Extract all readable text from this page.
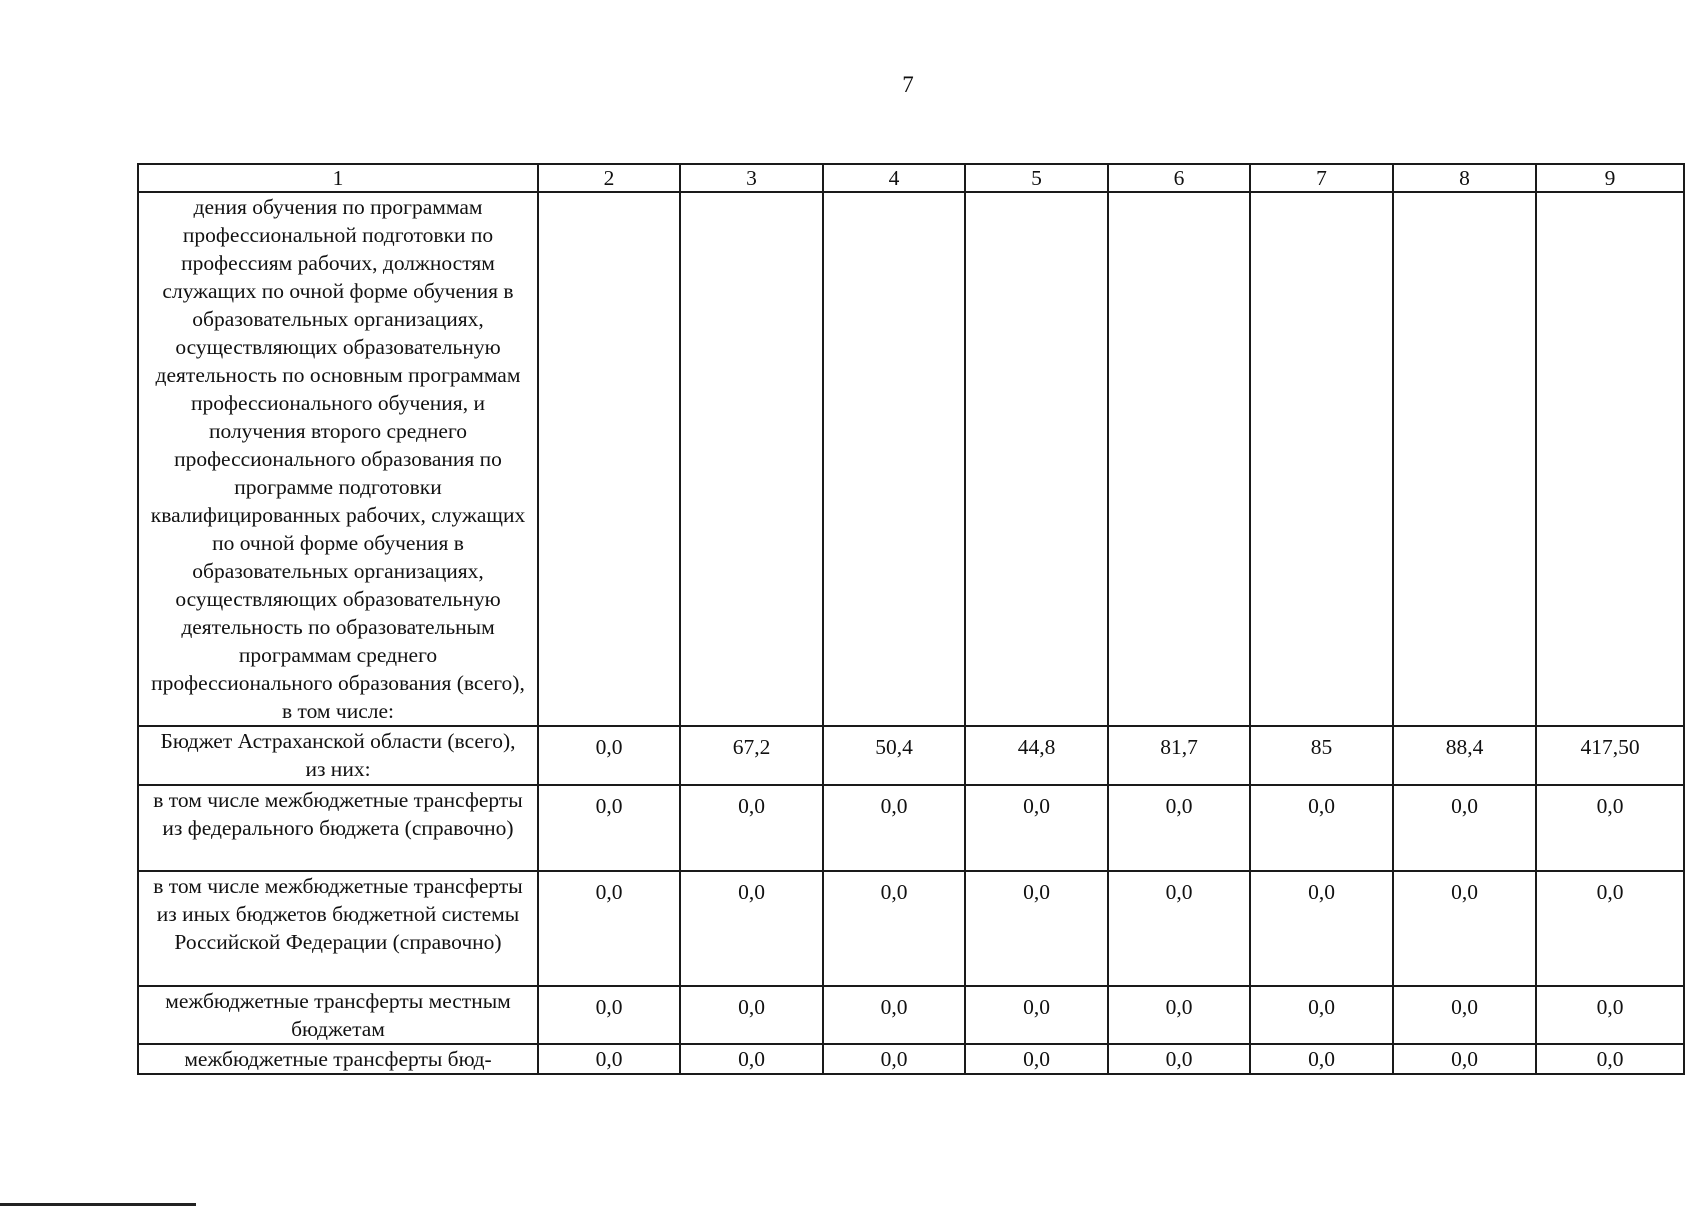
7
1	2	3	4	5	6	7	8	9
дения обучения по программам профессиональной подготовки по профессиям рабочих, должностям служащих по очной форме обучения в образовательных организациях, осуществляющих образовательную деятельность по основным программам профессионального обучения, и получения второго среднего профессионального образования по программе подготовки квалифицированных рабочих, служащих по очной форме обучения в образовательных организациях, осуществляющих образовательную деятельность по образовательным программам среднего профессионального образования (всего), в том числе:								
Бюджет Астраханской области (всего), из них:	0,0	67,2	50,4	44,8	81,7	85	88,4	417,50
в том числе межбюджетные трансферты из федерального бюджета (справочно)	0,0	0,0	0,0	0,0	0,0	0,0	0,0	0,0
в том числе межбюджетные трансферты из иных бюджетов бюджетной системы Российской Федерации (справочно)	0,0	0,0	0,0	0,0	0,0	0,0	0,0	0,0
межбюджетные трансферты местным бюджетам	0,0	0,0	0,0	0,0	0,0	0,0	0,0	0,0
межбюджетные трансферты бюд-	0,0	0,0	0,0	0,0	0,0	0,0	0,0	0,0
